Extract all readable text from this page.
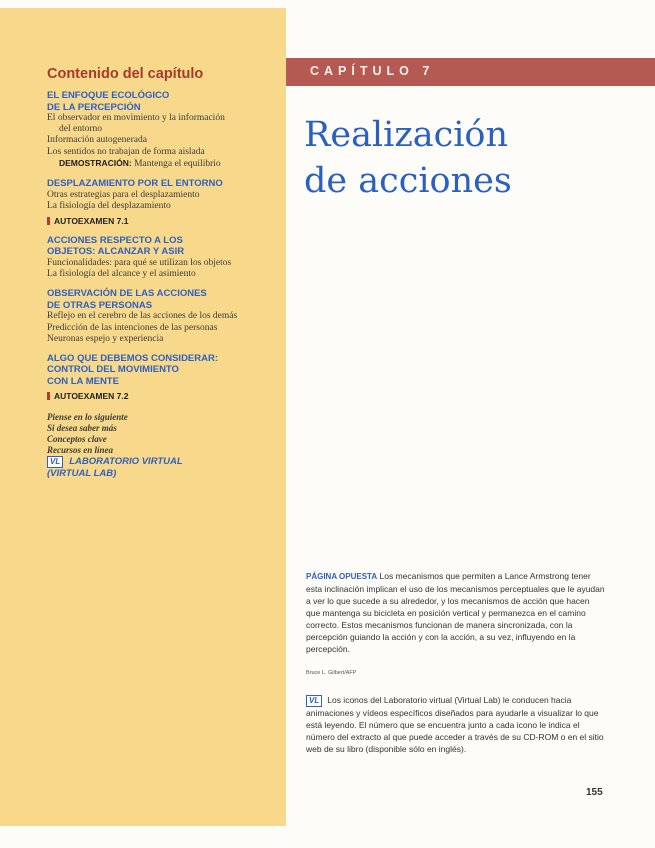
Contenido del capítulo
EL ENFOQUE ECOLÓGICO
DE LA PERCEPCIÓN
El observador en movimiento y la información
del entorno
Información autogenerada
Los sentidos no trabajan de forma aislada
DEMOSTRACIÓN: Mantenga el equilibrio
DESPLAZAMIENTO POR EL ENTORNO
Otras estrategias para el desplazamiento
La fisiología del desplazamiento
AUTOEXAMEN 7.1
ACCIONES RESPECTO A LOS
OBJETOS: ALCANZAR Y ASIR
Funcionalidades: para qué se utilizan los objetos
La fisiología del alcance y el asimiento
OBSERVACIÓN DE LAS ACCIONES
DE OTRAS PERSONAS
Reflejo en el cerebro de las acciones de los demás
Predicción de las intenciones de las personas
Neuronas espejo y experiencia
ALGO QUE DEBEMOS CONSIDERAR:
CONTROL DEL MOVIMIENTO
CON LA MENTE
AUTOEXAMEN 7.2
Piense en lo siguiente
Si desea saber más
Conceptos clave
Recursos en línea
VL LABORATORIO VIRTUAL
(VIRTUAL LAB)
CAPÍTULO 7
Realización
de acciones

PÁGINA OPUESTA Los mecanismos que permiten a Lance Armstrong tener esta inclinación implican el uso de los mecanismos perceptuales que le ayudan a ver lo que sucede a su alrededor, y los mecanismos de acción que hacen que mantenga su bicicleta en posición vertical y permanezca en el camino correcto. Estos mecanismos funcionan de manera sincronizada, con la percepción guiando la acción y con la acción, a su vez, influyendo en la percepción.

Bruce L. Gilbert/AFP

VL Los iconos del Laboratorio virtual (Virtual Lab) le conducen hacia animaciones y vídeos específicos diseñados para ayudarle a visualizar lo que está leyendo. El número que se encuentra junto a cada icono le indica el número del extracto al que puede acceder a través de su CD-ROM o en el sitio web de su libro (disponible sólo en inglés).

155
